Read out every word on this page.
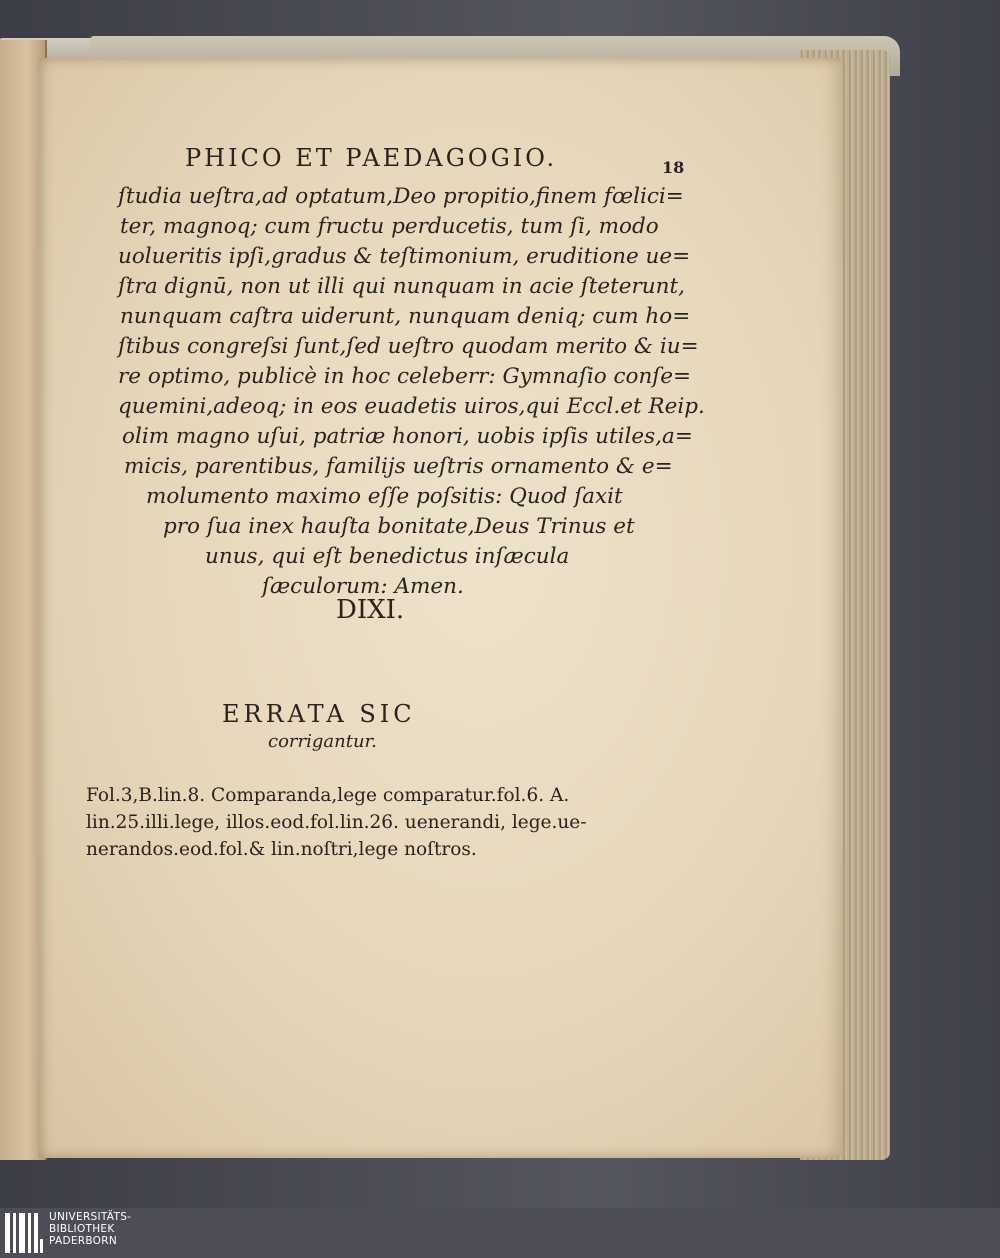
PHICO ET PAEDAGOGIO.	18
ſtudia ueſtra,ad optatum,Deo propitio,finem fœlici=
ter, magnoq; cum fructu perducetis, tum ſi, modo
uolueritis ipſi,gradus & teſtimonium, eruditione ue=
ſtra dignū, non ut illi qui nunquam in acie ſteterunt,
nunquam caſtra uiderunt, nunquam deniq; cum ho=
ſtibus congreſsi ſunt,ſed ueſtro quodam merito & iu=
re optimo, publicè in hoc celeberr: Gymnaſio conſe=
quemini,adeoq; in eos euadetis uiros,qui Eccl.et Reip.
olim magno uſui, patriæ honori, uobis ipſis utiles,a=
micis, parentibus, familijs ueſtris ornamento & e=
molumento maximo eſſe poſsitis: Quod ſaxit
pro ſua inex hauſta bonitate,Deus Trinus et
unus, qui eſt benedictus inſæcula
ſæculorum: Amen.
DIXI.
ERRATA SIC
corrigantur.
Fol.3,B.lin.8. Comparanda,lege comparatur.fol.6. A.
lin.25.illi.lege, illos.eod.fol.lin.26. uenerandi, lege.ue-
nerandos.eod.fol.& lin.noſtri,lege noſtros.
UNIVERSITÄTS-
BIBLIOTHEK
PADERBORN
